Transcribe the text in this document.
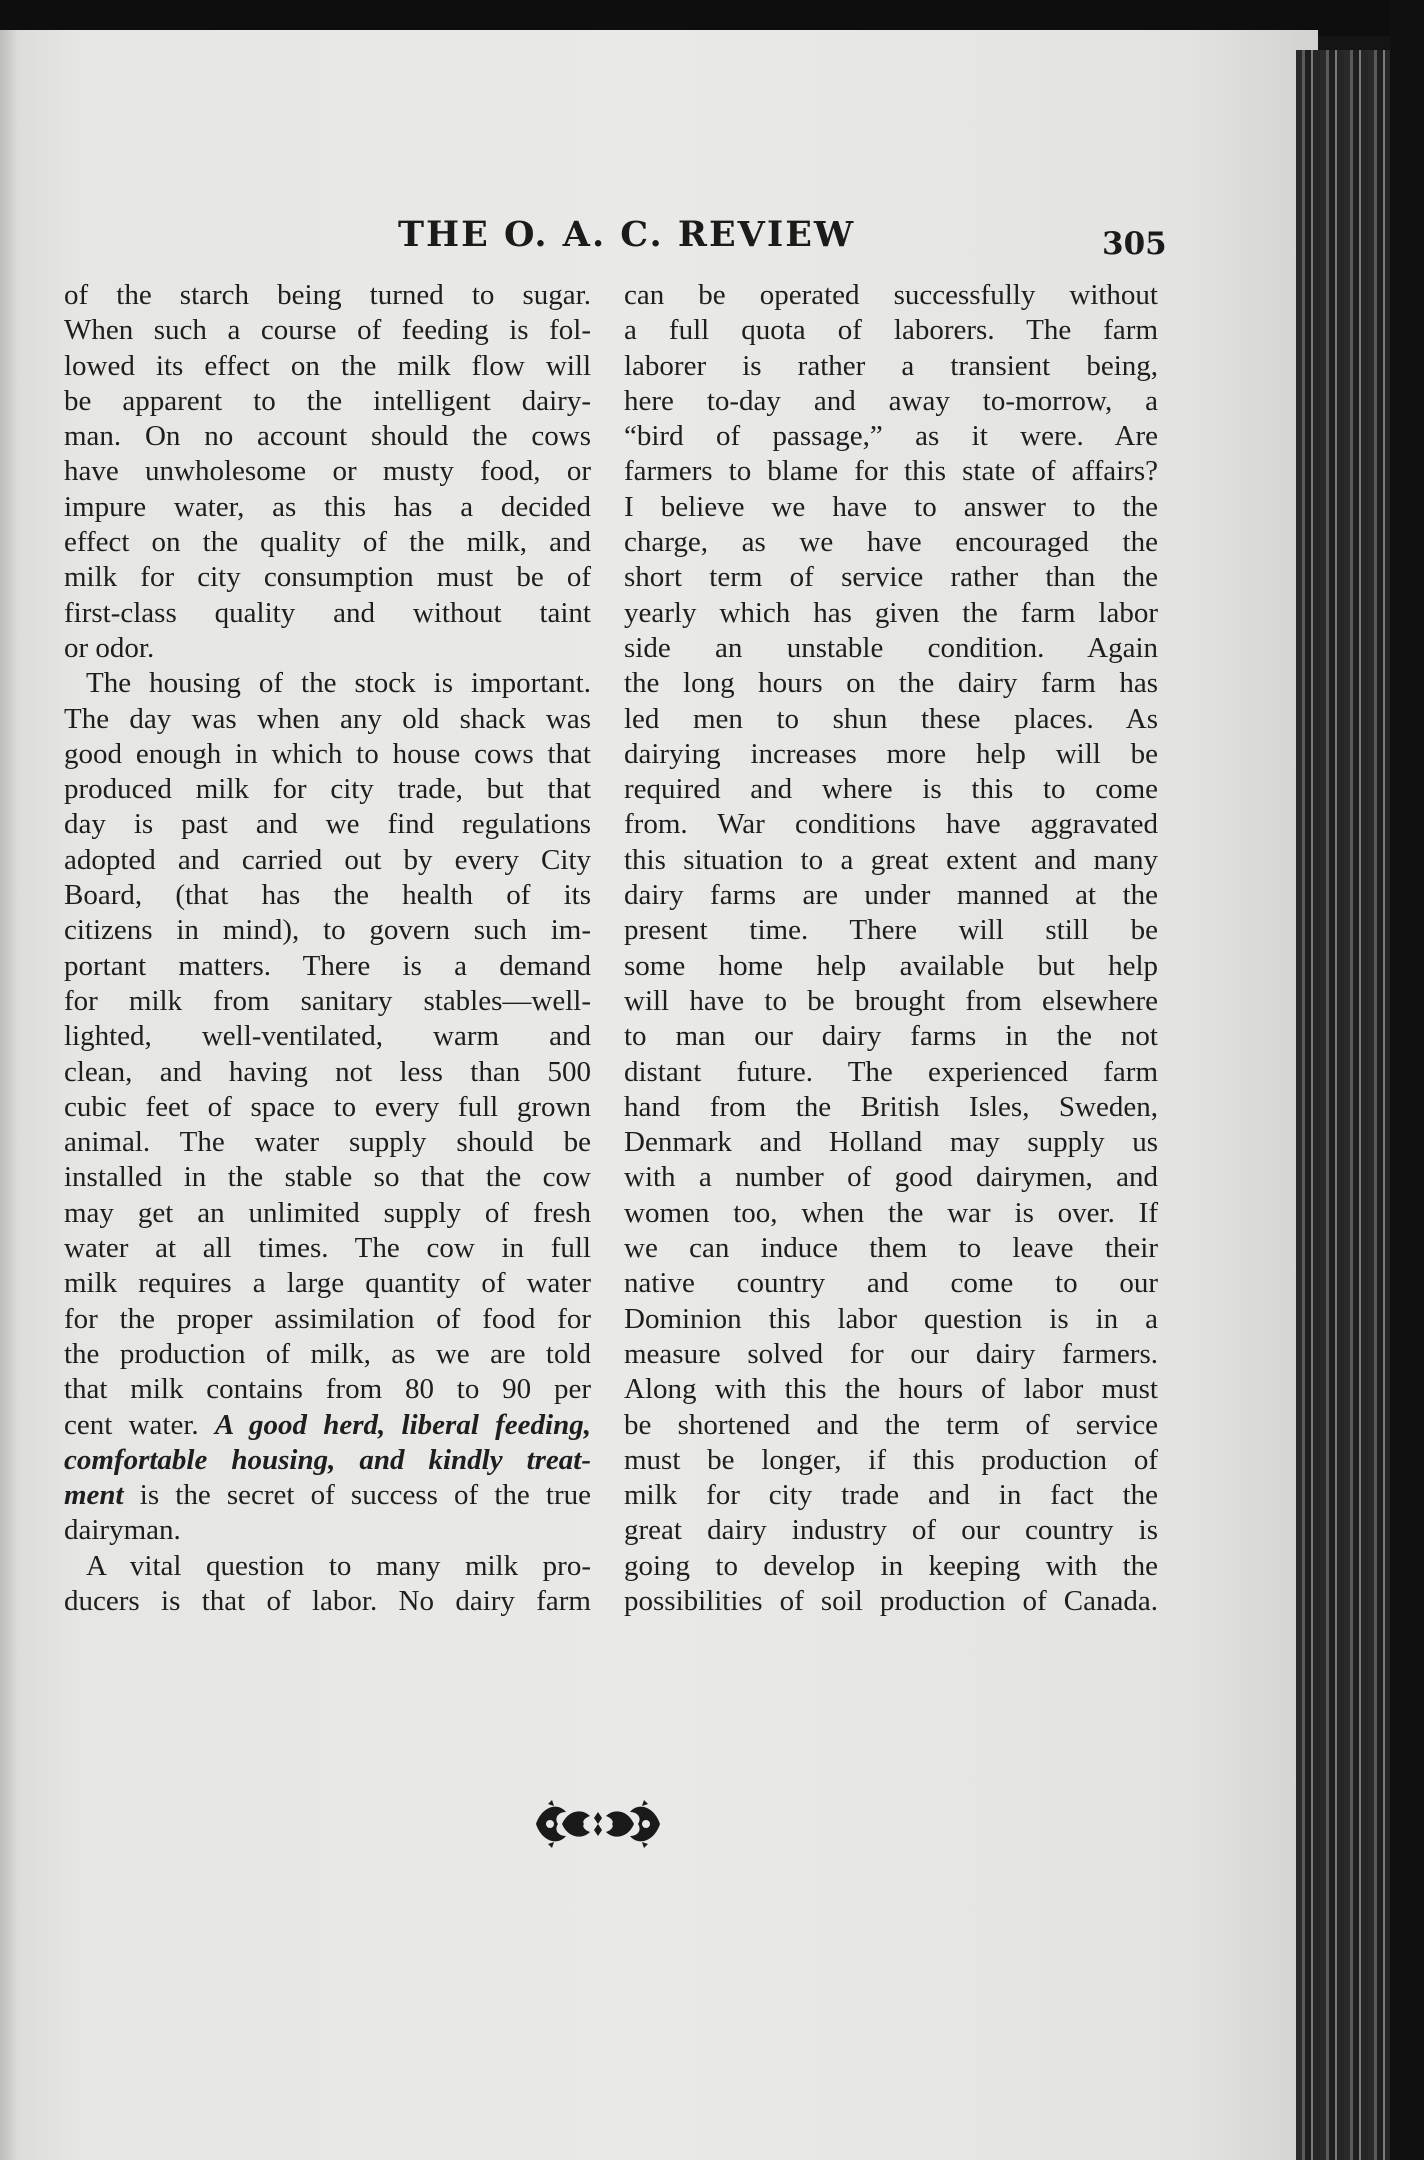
THE O. A. C. REVIEW	305
of the starch being turned to sugar.
When such a course of feeding is fol-
lowed its effect on the milk flow will
be apparent to the intelligent dairy-
man. On no account should the cows
have unwholesome or musty food, or
impure water, as this has a decided
effect on the quality of the milk, and
milk for city consumption must be of
first-class quality and without taint
or odor.
The housing of the stock is important.
The day was when any old shack was
good enough in which to house cows that
produced milk for city trade, but that
day is past and we find regulations
adopted and carried out by every City
Board, (that has the health of its
citizens in mind), to govern such im-
portant matters. There is a demand
for milk from sanitary stables—well-
lighted, well-ventilated, warm and
clean, and having not less than 500
cubic feet of space to every full grown
animal. The water supply should be
installed in the stable so that the cow
may get an unlimited supply of fresh
water at all times. The cow in full
milk requires a large quantity of water
for the proper assimilation of food for
the production of milk, as we are told
that milk contains from 80 to 90 per
cent water. A good herd, liberal feeding,
comfortable housing, and kindly treat-
ment is the secret of success of the true
dairyman.
A vital question to many milk pro-
ducers is that of labor. No dairy farm
can be operated successfully without
a full quota of laborers. The farm
laborer is rather a transient being,
here to-day and away to-morrow, a
“bird of passage,” as it were. Are
farmers to blame for this state of affairs?
I believe we have to answer to the
charge, as we have encouraged the
short term of service rather than the
yearly which has given the farm labor
side an unstable condition. Again
the long hours on the dairy farm has
led men to shun these places. As
dairying increases more help will be
required and where is this to come
from. War conditions have aggravated
this situation to a great extent and many
dairy farms are under manned at the
present time. There will still be
some home help available but help
will have to be brought from elsewhere
to man our dairy farms in the not
distant future. The experienced farm
hand from the British Isles, Sweden,
Denmark and Holland may supply us
with a number of good dairymen, and
women too, when the war is over. If
we can induce them to leave their
native country and come to our
Dominion this labor question is in a
measure solved for our dairy farmers.
Along with this the hours of labor must
be shortened and the term of service
must be longer, if this production of
milk for city trade and in fact the
great dairy industry of our country is
going to develop in keeping with the
possibilities of soil production of Canada.
